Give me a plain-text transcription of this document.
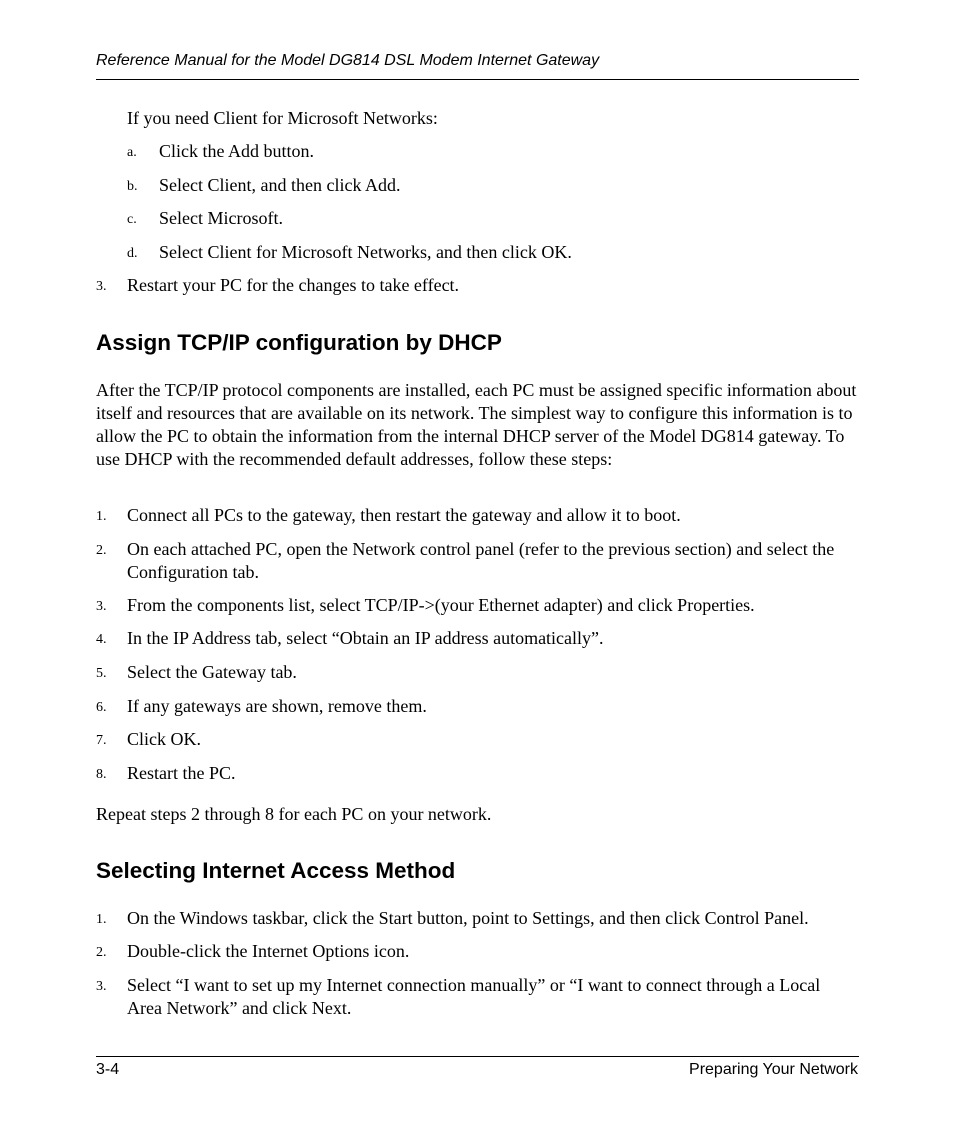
Reference Manual for the Model DG814 DSL Modem Internet Gateway
If you need Client for Microsoft Networks:
a. Click the Add button.
b. Select Client, and then click Add.
c. Select Microsoft.
d. Select Client for Microsoft Networks, and then click OK.
3. Restart your PC for the changes to take effect.
Assign TCP/IP configuration by DHCP
After the TCP/IP protocol components are installed, each PC must be assigned specific information about itself and resources that are available on its network. The simplest way to configure this information is to allow the PC to obtain the information from the internal DHCP server of the Model DG814 gateway. To use DHCP with the recommended default addresses, follow these steps:
1. Connect all PCs to the gateway, then restart the gateway and allow it to boot.
2. On each attached PC, open the Network control panel (refer to the previous section) and select the Configuration tab.
3. From the components list, select TCP/IP->(your Ethernet adapter) and click Properties.
4. In the IP Address tab, select “Obtain an IP address automatically”.
5. Select the Gateway tab.
6. If any gateways are shown, remove them.
7. Click OK.
8. Restart the PC.
Repeat steps 2 through 8 for each PC on your network.
Selecting Internet Access Method
1. On the Windows taskbar, click the Start button, point to Settings, and then click Control Panel.
2. Double-click the Internet Options icon.
3. Select “I want to set up my Internet connection manually” or “I want to connect through a Local Area Network” and click Next.
3-4	Preparing Your Network
